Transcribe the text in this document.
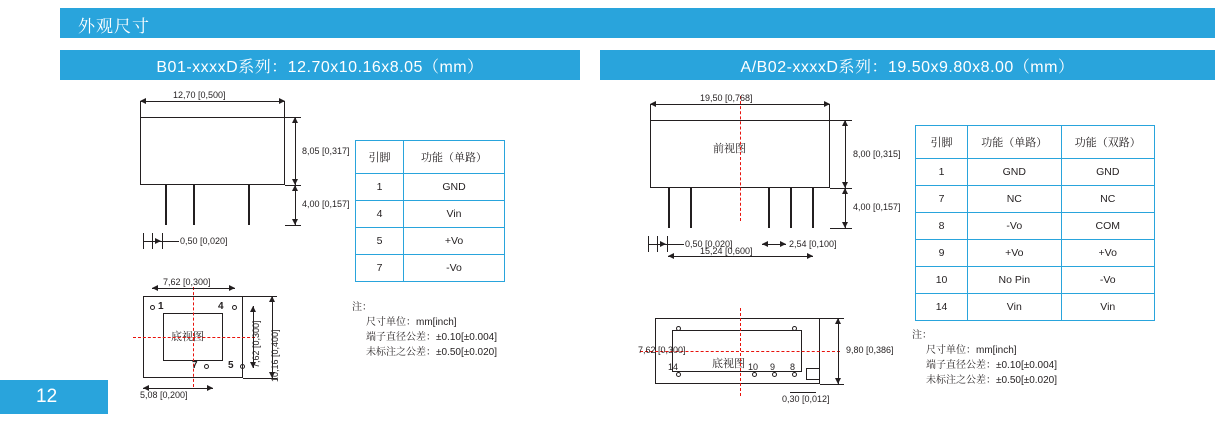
外观尺寸
B01-xxxxD系列：12.70x10.16x8.05（mm）	A/B02-xxxxD系列：19.50x9.80x8.00（mm）
12,70 [0,500]
8,05 [0,317]
4,00 [0,157]
0,50 [0,020]
底视图
1	4
7	5
7,62 [0,300]
7,62 [0,300] 10,16 [0,400]
5,08 [0,200]
引脚	功能（单路）
1	GND
4	Vin
5	+Vo
7	-Vo
注：
尺寸单位：mm[inch]
端子直径公差：±0.10[±0.004]
未标注之公差：±0.50[±0.020]
前视图
19,50 [0,768]
8,00 [0,315]
4,00 [0,157]
0,50 [0,020]	2,54 [0,100]
15,24 [0,600]
底视图
14	10 9 8
7,62 [0,300]	9,80 [0,386]
0,30 [0,012]
引脚	功能（单路）	功能（双路）
1	GND	GND
7	NC	NC
8	-Vo	COM
9	+Vo	+Vo
10	No Pin	-Vo
14	Vin	Vin
注：
尺寸单位：mm[inch]
端子直径公差：±0.10[±0.004]
未标注之公差：±0.50[±0.020]
12
